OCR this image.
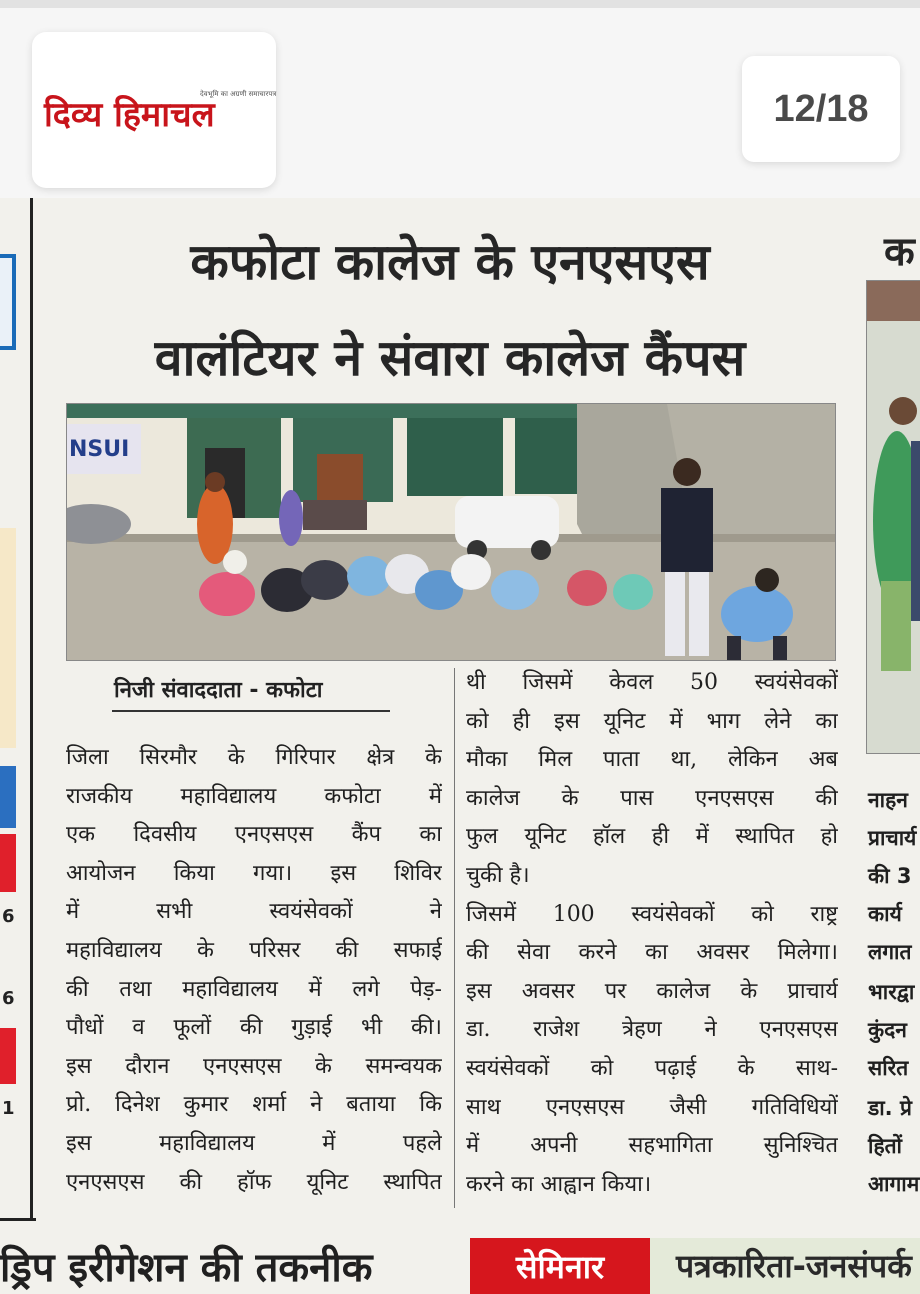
देवभूमि का अग्रणी समाचारपत्र
दिव्य हिमाचल	12/18
6
6
1
कफोटा कालेज के एनएसएस
वालंटियर ने संवारा कालेज कैंपस
NSUI
निजी संवाददाता - कफोटा
जिला सिरमौर के गिरिपार क्षेत्र के
राजकीय महाविद्यालय कफोटा में
एक दिवसीय एनएसएस कैंप का
आयोजन किया गया। इस शिविर
में सभी स्वयंसेवकों ने
महाविद्यालय के परिसर की सफाई
की तथा महाविद्यालय में लगे पेड़-
पौधों व फूलों की गुड़ाई भी की।
इस दौरान एनएसएस के समन्वयक
प्रो. दिनेश कुमार शर्मा ने बताया कि
इस महाविद्यालय में पहले
एनएसएस की हॉफ यूनिट स्थापित
थी जिसमें केवल 50 स्वयंसेवकों
को ही इस यूनिट में भाग लेने का
मौका मिल पाता था, लेकिन अब
कालेज के पास एनएसएस की
फुल यूनिट हॉल ही में स्थापित हो
चुकी है।
जिसमें 100 स्वयंसेवकों को राष्ट्र
की सेवा करने का अवसर मिलेगा।
इस अवसर पर कालेज के प्राचार्य
डा. राजेश त्रेहण ने एनएसएस
स्वयंसेवकों को पढ़ाई के साथ-
साथ एनएसएस जैसी गतिविधियों
में अपनी सहभागिता सुनिश्चित
करने का आह्वान किया।
क
नाहन
प्राचार्य
की 3
कार्य
लगात
भारद्वा
कुंदन
सरित
डा. प्रे
हितों
आगाम
ड्रिप इरीगेशन की तकनीक	सेमिनार पत्रकारिता-जनसंपर्क
